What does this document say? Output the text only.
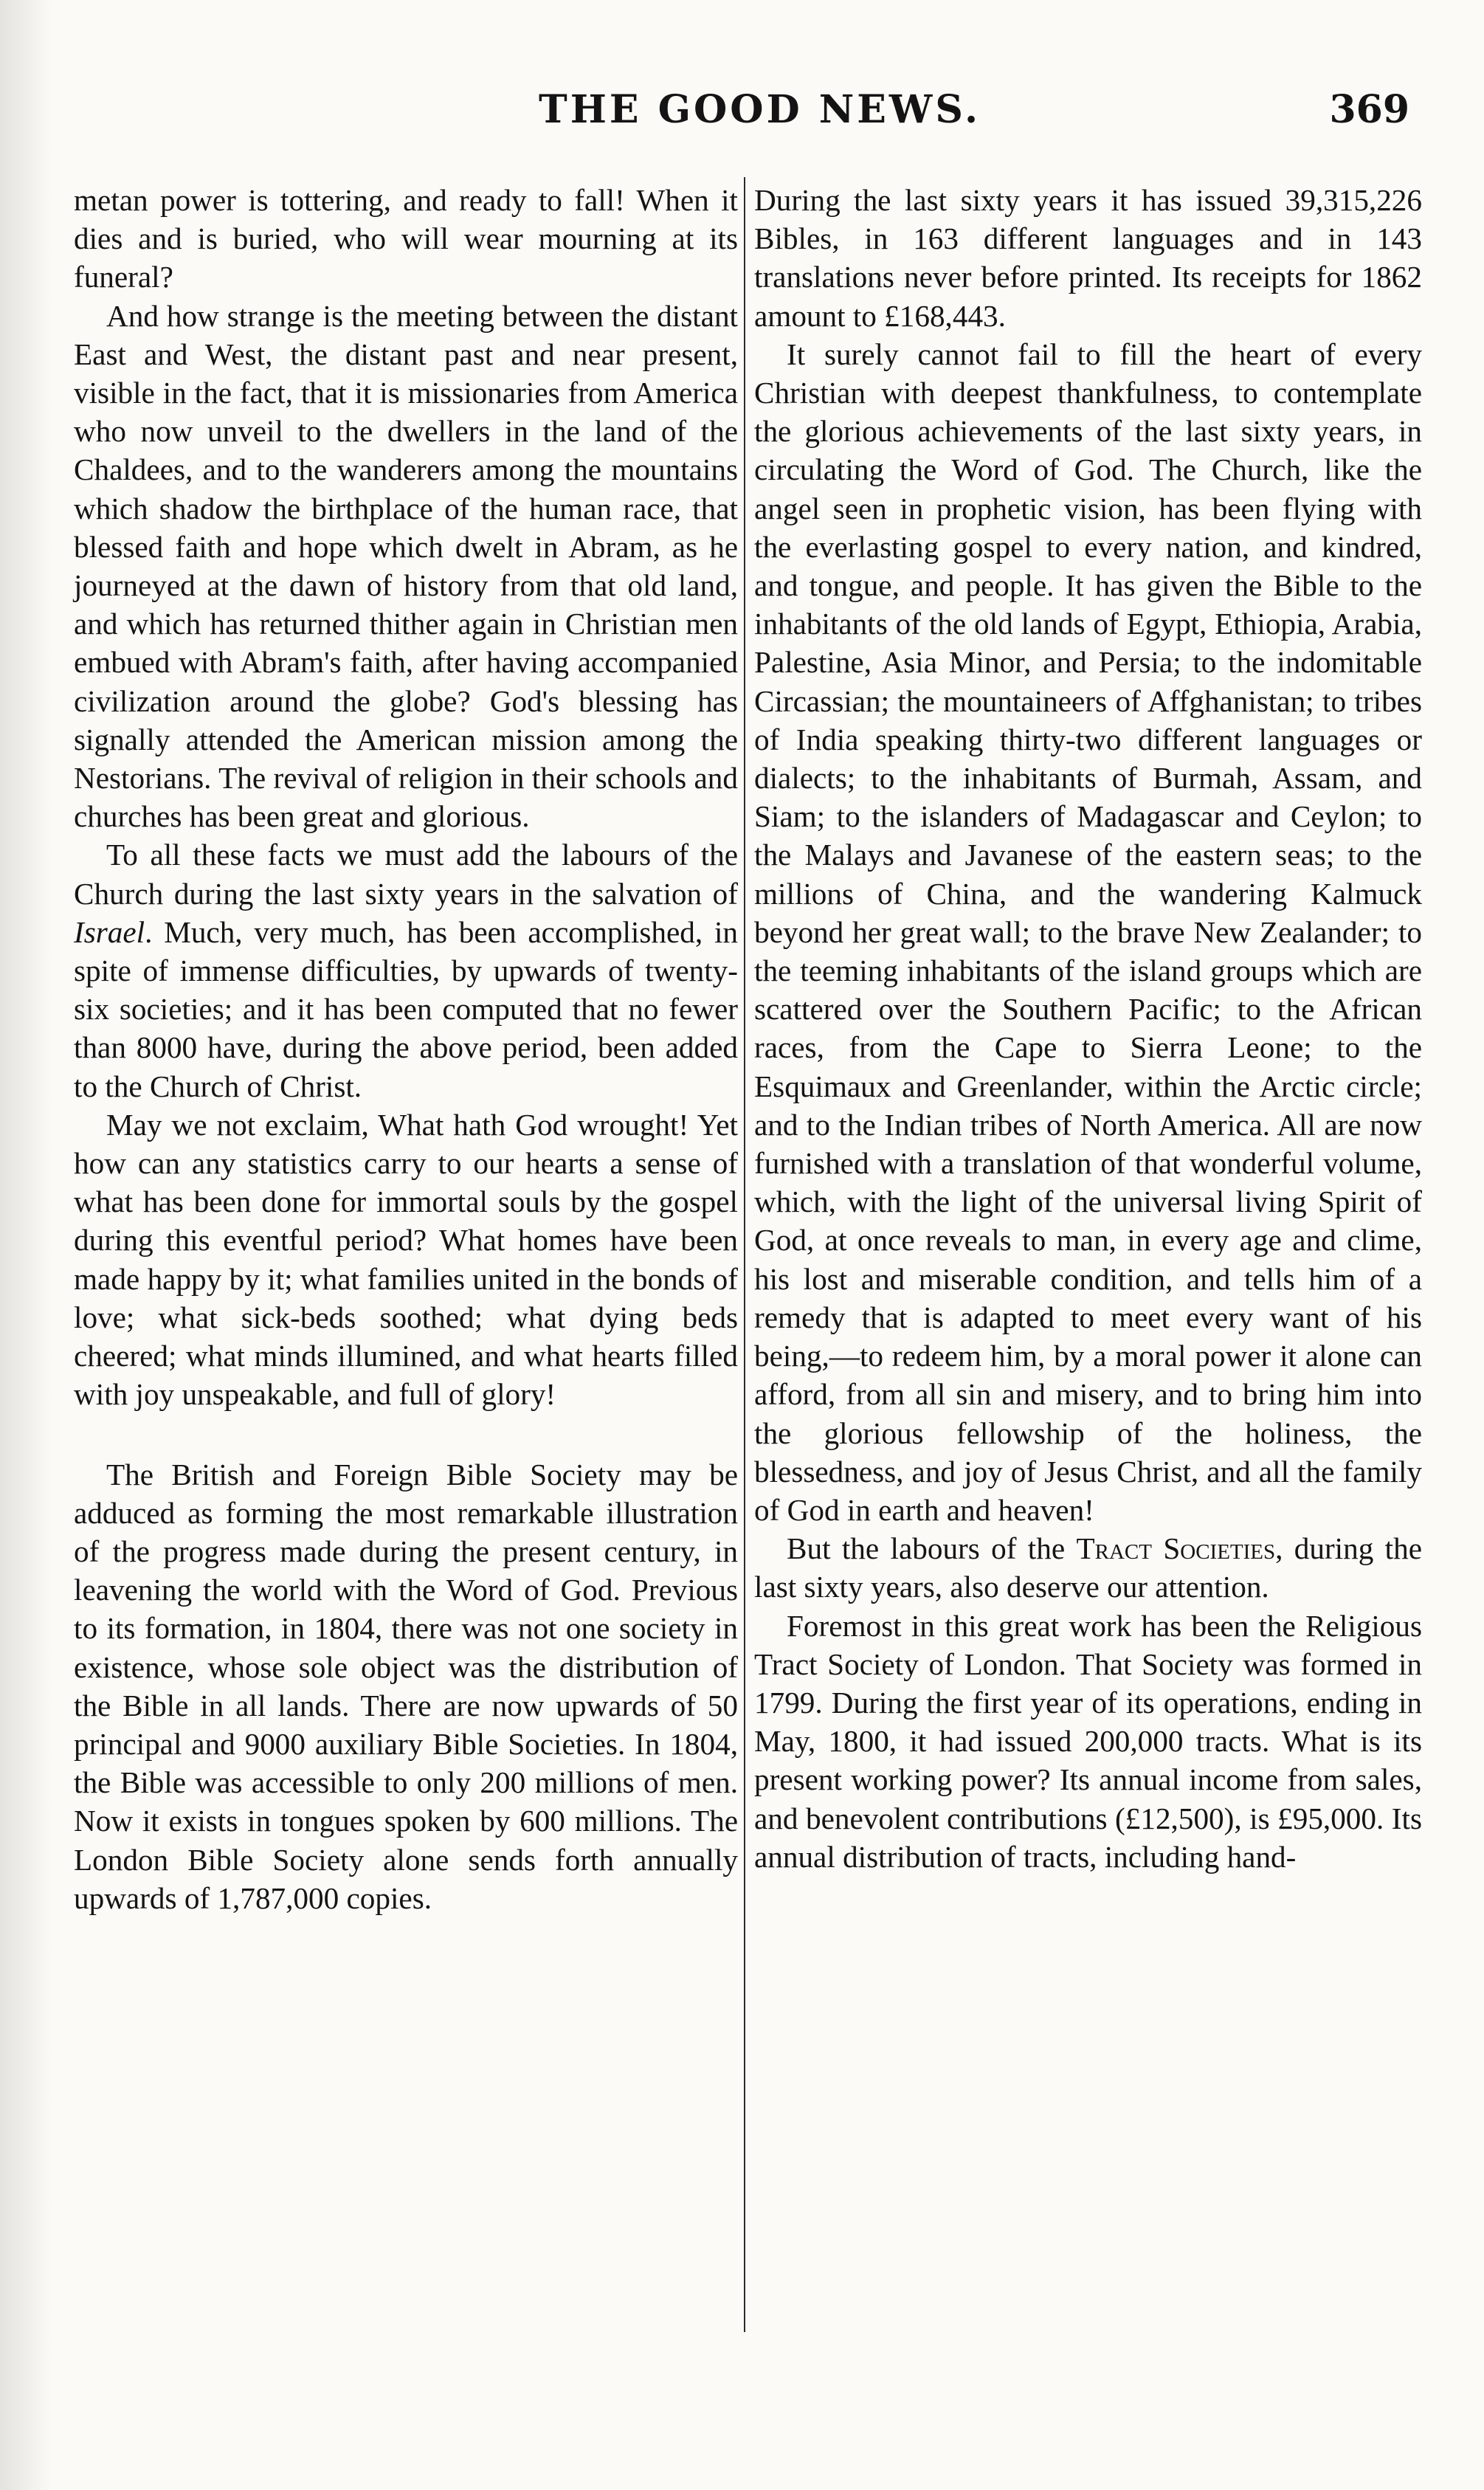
THE GOOD NEWS.	369

metan power is tottering, and ready to fall! When it dies and is buried, who will wear mourning at its funeral?

And how strange is the meeting between the distant East and West, the distant past and near present, visible in the fact, that it is missionaries from America who now unveil to the dwellers in the land of the Chaldees, and to the wanderers among the mountains which shadow the birthplace of the human race, that blessed faith and hope which dwelt in Abram, as he journeyed at the dawn of history from that old land, and which has returned thither again in Christian men embued with Abram's faith, after having accompanied civilization around the globe? God's blessing has signally attended the American mission among the Nestorians. The revival of religion in their schools and churches has been great and glorious.

To all these facts we must add the labours of the Church during the last sixty years in the salvation of Israel. Much, very much, has been accomplished, in spite of immense difficulties, by upwards of twenty-six societies; and it has been computed that no fewer than 8000 have, during the above period, been added to the Church of Christ.

May we not exclaim, What hath God wrought! Yet how can any statistics carry to our hearts a sense of what has been done for immortal souls by the gospel during this eventful period? What homes have been made happy by it; what families united in the bonds of love; what sick-beds soothed; what dying beds cheered; what minds illumined, and what hearts filled with joy unspeakable, and full of glory!

The British and Foreign Bible Society may be adduced as forming the most remarkable illustration of the progress made during the present century, in leavening the world with the Word of God. Previous to its formation, in 1804, there was not one society in existence, whose sole object was the distribution of the Bible in all lands. There are now upwards of 50 principal and 9000 auxiliary Bible Societies. In 1804, the Bible was accessible to only 200 millions of men. Now it exists in tongues spoken by 600 millions. The London Bible Society alone sends forth annually upwards of 1,787,000 copies.

During the last sixty years it has issued 39,315,226 Bibles, in 163 different languages and in 143 translations never before printed. Its receipts for 1862 amount to £168,443.

It surely cannot fail to fill the heart of every Christian with deepest thankfulness, to contemplate the glorious achievements of the last sixty years, in circulating the Word of God. The Church, like the angel seen in prophetic vision, has been flying with the everlasting gospel to every nation, and kindred, and tongue, and people. It has given the Bible to the inhabitants of the old lands of Egypt, Ethiopia, Arabia, Palestine, Asia Minor, and Persia; to the indomitable Circassian; the mountaineers of Affghanistan; to tribes of India speaking thirty-two different languages or dialects; to the inhabitants of Burmah, Assam, and Siam; to the islanders of Madagascar and Ceylon; to the Malays and Javanese of the eastern seas; to the millions of China, and the wandering Kalmuck beyond her great wall; to the brave New Zealander; to the teeming inhabitants of the island groups which are scattered over the Southern Pacific; to the African races, from the Cape to Sierra Leone; to the Esquimaux and Greenlander, within the Arctic circle; and to the Indian tribes of North America. All are now furnished with a translation of that wonderful volume, which, with the light of the universal living Spirit of God, at once reveals to man, in every age and clime, his lost and miserable condition, and tells him of a remedy that is adapted to meet every want of his being,—to redeem him, by a moral power it alone can afford, from all sin and misery, and to bring him into the glorious fellowship of the holiness, the blessedness, and joy of Jesus Christ, and all the family of God in earth and heaven!

But the labours of the Tract Societies, during the last sixty years, also deserve our attention.

Foremost in this great work has been the Religious Tract Society of London. That Society was formed in 1799. During the first year of its operations, ending in May, 1800, it had issued 200,000 tracts. What is its present working power? Its annual income from sales, and benevolent contributions (£12,500), is £95,000. Its annual distribution of tracts, including hand-
